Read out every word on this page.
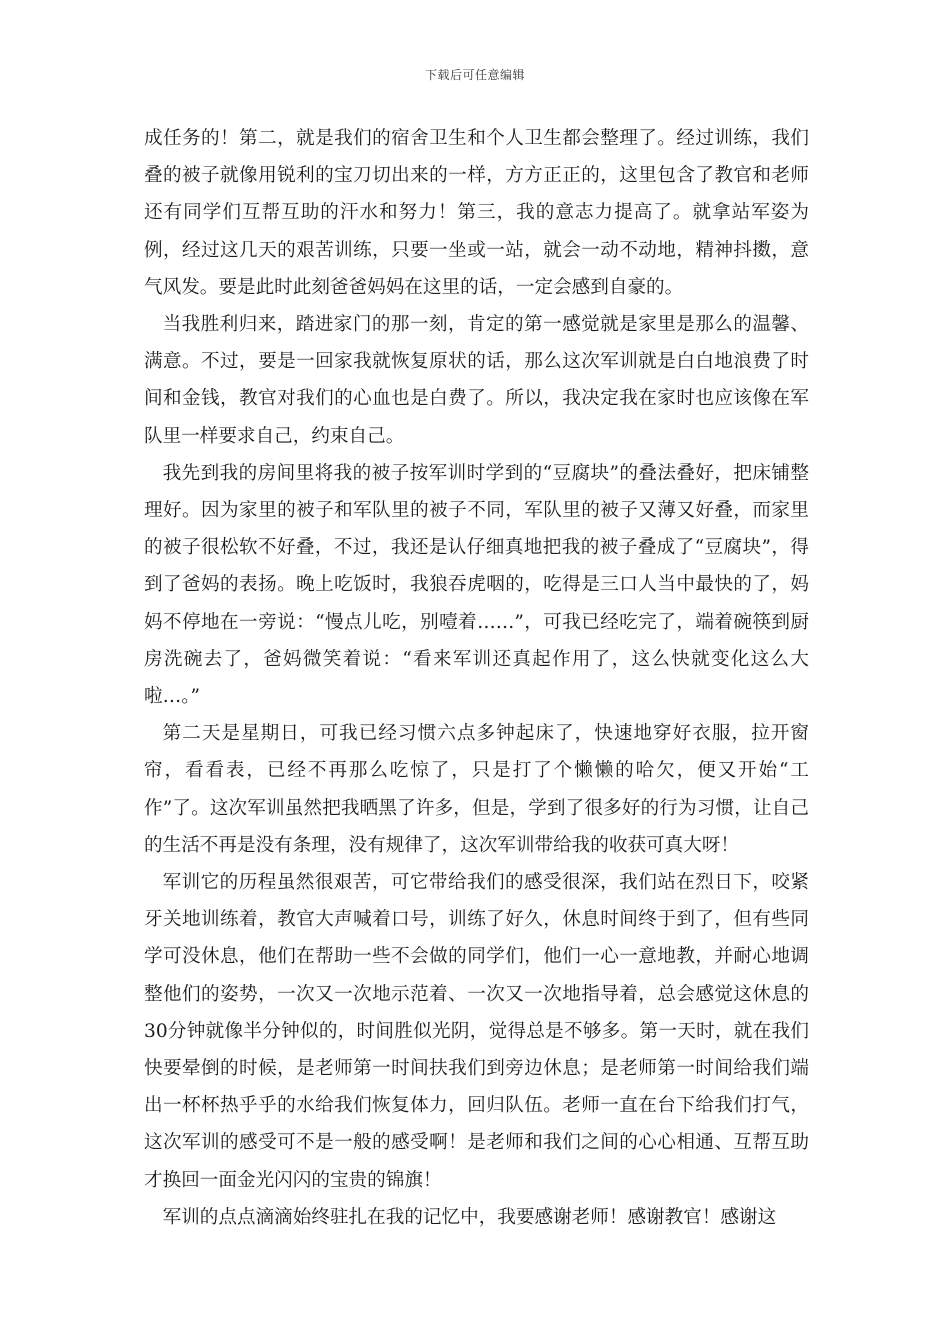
下载后可任意编辑

成任务的！第二，就是我们的宿舍卫生和个人卫生都会整理了。经过训练，我们叠的被子就像用锐利的宝刀切出来的一样，方方正正的，这里包含了教官和老师还有同学们互帮互助的汗水和努力！第三，我的意志力提高了。就拿站军姿为例，经过这几天的艰苦训练，只要一坐或一站，就会一动不动地，精神抖擞，意气风发。要是此时此刻爸爸妈妈在这里的话，一定会感到自豪的。

当我胜利归来，踏进家门的那一刻，肯定的第一感觉就是家里是那么的温馨、满意。不过，要是一回家我就恢复原状的话，那么这次军训就是白白地浪费了时间和金钱，教官对我们的心血也是白费了。所以，我决定我在家时也应该像在军队里一样要求自己，约束自己。

我先到我的房间里将我的被子按军训时学到的“豆腐块”的叠法叠好，把床铺整理好。因为家里的被子和军队里的被子不同，军队里的被子又薄又好叠，而家里的被子很松软不好叠，不过，我还是认仔细真地把我的被子叠成了“豆腐块”，得到了爸妈的表扬。晚上吃饭时，我狼吞虎咽的，吃得是三口人当中最快的了，妈妈不停地在一旁说：“慢点儿吃，别噎着……”，可我已经吃完了，端着碗筷到厨房洗碗去了，爸妈微笑着说：“看来军训还真起作用了，这么快就变化这么大啦…。”

第二天是星期日，可我已经习惯六点多钟起床了，快速地穿好衣服，拉开窗帘，看看表，已经不再那么吃惊了，只是打了个懒懒的哈欠，便又开始“工作”了。这次军训虽然把我晒黑了许多，但是，学到了很多好的行为习惯，让自己的生活不再是没有条理，没有规律了，这次军训带给我的收获可真大呀！

军训它的历程虽然很艰苦，可它带给我们的感受很深，我们站在烈日下，咬紧牙关地训练着，教官大声喊着口号，训练了好久，休息时间终于到了，但有些同学可没休息，他们在帮助一些不会做的同学们，他们一心一意地教，并耐心地调整他们的姿势，一次又一次地示范着、一次又一次地指导着，总会感觉这休息的30分钟就像半分钟似的，时间胜似光阴，觉得总是不够多。第一天时，就在我们快要晕倒的时候，是老师第一时间扶我们到旁边休息；是老师第一时间给我们端出一杯杯热乎乎的水给我们恢复体力，回归队伍。老师一直在台下给我们打气，这次军训的感受可不是一般的感受啊！是老师和我们之间的心心相通、互帮互助才换回一面金光闪闪的宝贵的锦旗！

军训的点点滴滴始终驻扎在我的记忆中，我要感谢老师！感谢教官！感谢这
